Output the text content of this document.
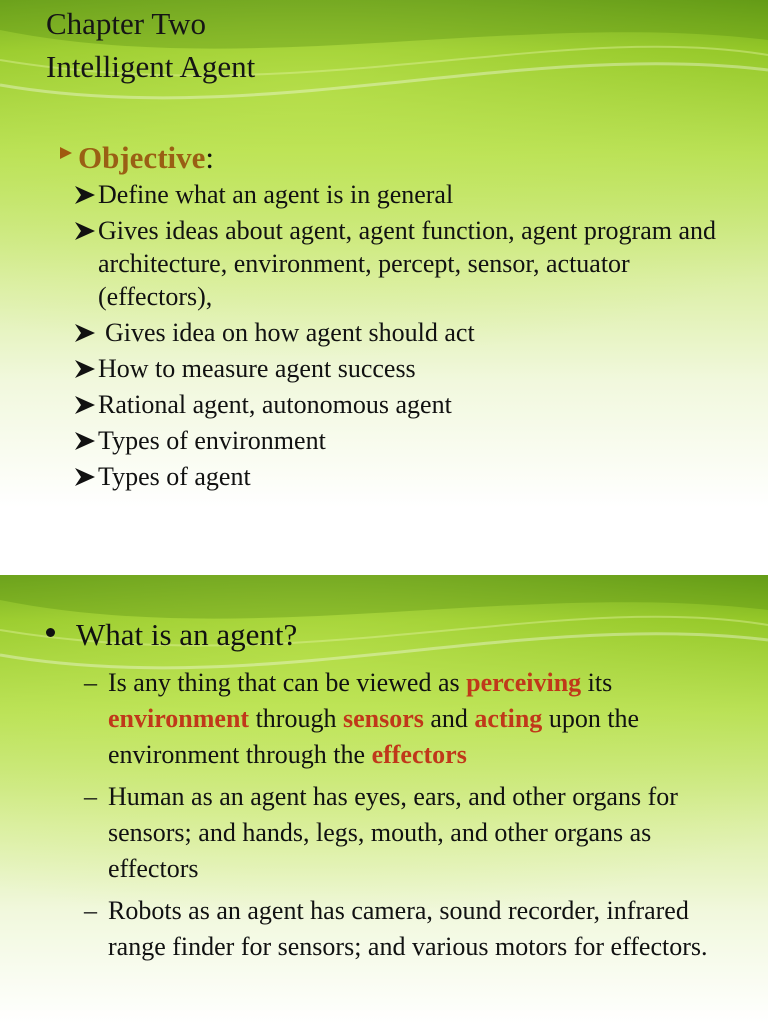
Chapter Two
Intelligent Agent
Objective:
Define what an agent is in general
Gives ideas about agent, agent function, agent program and architecture, environment, percept, sensor, actuator (effectors),
Gives idea on how agent should act
How to measure agent success
Rational agent, autonomous agent
Types of environment
Types of agent
What is an agent?
– Is any thing that can be viewed as perceiving its environment through sensors and acting upon the environment through the effectors
– Human as an agent has eyes, ears, and other organs for sensors; and hands, legs, mouth, and other organs as effectors
– Robots as an agent has camera, sound recorder, infrared range finder for sensors; and various motors for effectors.
